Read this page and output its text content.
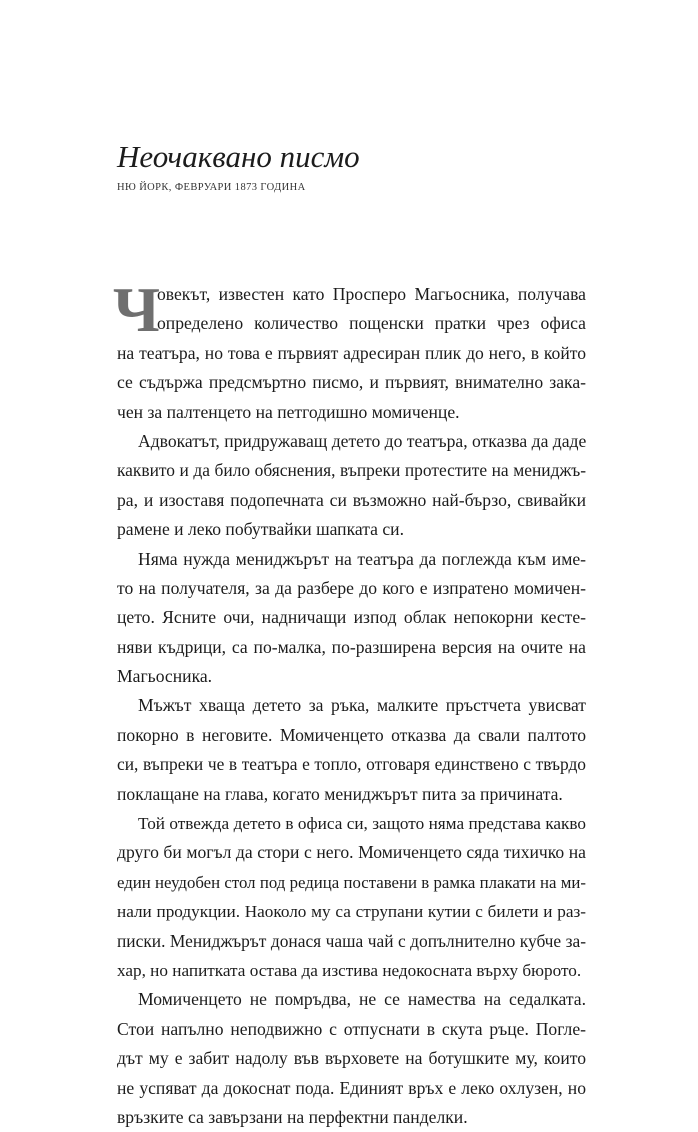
Неочаквано писмо
НЮ ЙОРК, ФЕВРУАРИ 1873 ГОДИНА
Ч
овекът, известен като Просперо Магьосника, получава
определено количество пощенски пратки чрез офиса
на театъра, но това е първият адресиран плик до него, в който
се съдържа предсмъртно писмо, и първият, внимателно зака-
чен за палтенцето на петгодишно момиченце.
Адвокатът, придружаващ детето до театъра, отказва да даде
каквито и да било обяснения, въпреки протестите на мениджъ-
ра, и изоставя подопечната си възможно най-бързо, свивайки
рамене и леко побутвайки шапката си.
Няма нужда мениджърът на театъра да поглежда към име-
то на получателя, за да разбере до кого е изпратено момичен-
цето. Ясните очи, надничащи изпод облак непокорни кесте-
няви къдрици, са по-малка, по-разширена версия на очите на
Магьосника.
Мъжът хваща детето за ръка, малките пръстчета увисват
покорно в неговите. Момиченцето отказва да свали палтото
си, въпреки че в театъра е топло, отговаря единствено с твърдо
поклащане на глава, когато мениджърът пита за причината.
Той отвежда детето в офиса си, защото няма представа какво
друго би могъл да стори с него. Момиченцето сяда тихичко на
един неудобен стол под редица поставени в рамка плакати на ми-
нали продукции. Наоколо му са струпани кутии с билети и раз-
писки. Мениджърът донася чаша чай с допълнително кубче за-
хар, но напитката остава да изстива недокосната върху бюрото.
Момиченцето не помръдва, не се намества на седалката.
Стои напълно неподвижно с отпуснати в скута ръце. Погле-
дът му е забит надолу във върховете на ботушките му, които
не успяват да докоснат пода. Единият връх е леко охлузен, но
връзките са завързани на перфектни панделки.
